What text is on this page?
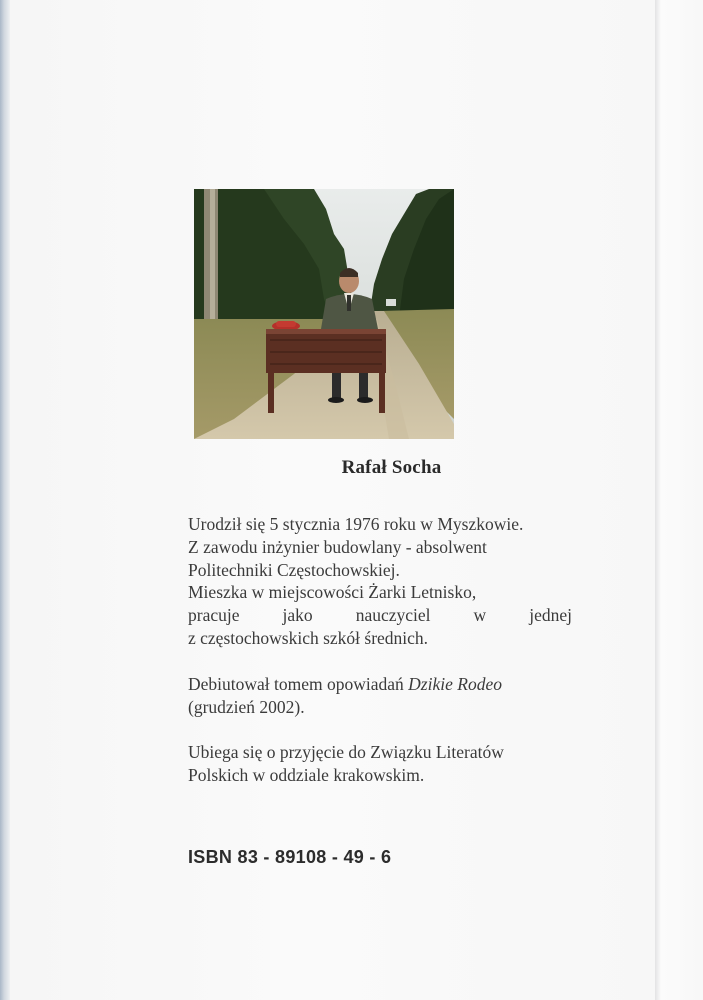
Rafał Socha

Urodził się 5 stycznia 1976 roku w Myszkowie.
Z zawodu inżynier budowlany - absolwent
Politechniki Częstochowskiej.
Mieszka w miejscowości Żarki Letnisko,
pracuje jako nauczyciel w jednej
z częstochowskich szkół średnich.

Debiutował tomem opowiadań Dzikie Rodeo
(grudzień 2002).

Ubiega się o przyjęcie do Związku Literatów
Polskich w oddziale krakowskim.

ISBN 83 - 89108 - 49 - 6
